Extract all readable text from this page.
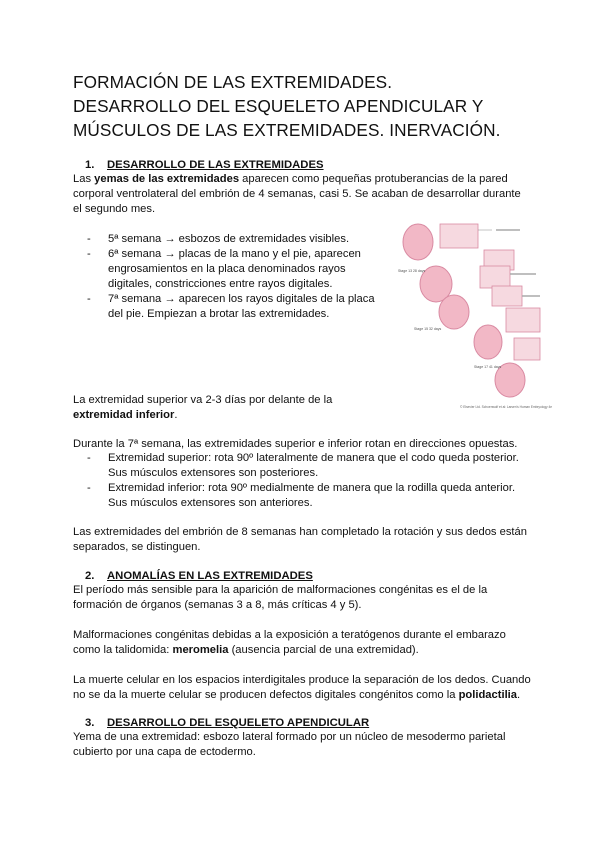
FORMACIÓN DE LAS EXTREMIDADES.
DESARROLLO DEL ESQUELETO APENDICULAR Y
MÚSCULOS DE LAS EXTREMIDADES. INERVACIÓN.
1. DESARROLLO DE LAS EXTREMIDADES
Las yemas de las extremidades aparecen como pequeñas protuberancias de la pared
corporal ventrolateral del embrión de 4 semanas, casi 5. Se acaban de desarrollar durante
el segundo mes.
- 5ª semana → esbozos de extremidades visibles.
- 6ª semana → placas de la mano y el pie, aparecen
engrosamientos en la placa denominados rayos
digitales, constricciones entre rayos digitales.
- 7ª semana → aparecen los rayos digitales de la placa
del pie. Empiezan a brotar las extremidades.
Stage 13 28 days
Stage 15 32 days
Stage 17 41 days
© Elsevier Ltd. Schoenwolf et al: Larsen's Human Embryology 4e
La extremidad superior va 2-3 días por delante de la
extremidad inferior.
Durante la 7ª semana, las extremidades superior e inferior rotan en direcciones opuestas.
- Extremidad superior: rota 90º lateralmente de manera que el codo queda posterior.
Sus músculos extensores son posteriores.
- Extremidad inferior: rota 90º medialmente de manera que la rodilla queda anterior.
Sus músculos extensores son anteriores.
Las extremidades del embrión de 8 semanas han completado la rotación y sus dedos están
separados, se distinguen.
2. ANOMALÍAS EN LAS EXTREMIDADES
El período más sensible para la aparición de malformaciones congénitas es el de la
formación de órganos (semanas 3 a 8, más críticas 4 y 5).
Malformaciones congénitas debidas a la exposición a teratógenos durante el embarazo
como la talidomida: meromelia (ausencia parcial de una extremidad).
La muerte celular en los espacios interdigitales produce la separación de los dedos. Cuando
no se da la muerte celular se producen defectos digitales congénitos como la polidactilia.
3. DESARROLLO DEL ESQUELETO APENDICULAR
Yema de una extremidad: esbozo lateral formado por un núcleo de mesodermo parietal
cubierto por una capa de ectodermo.
